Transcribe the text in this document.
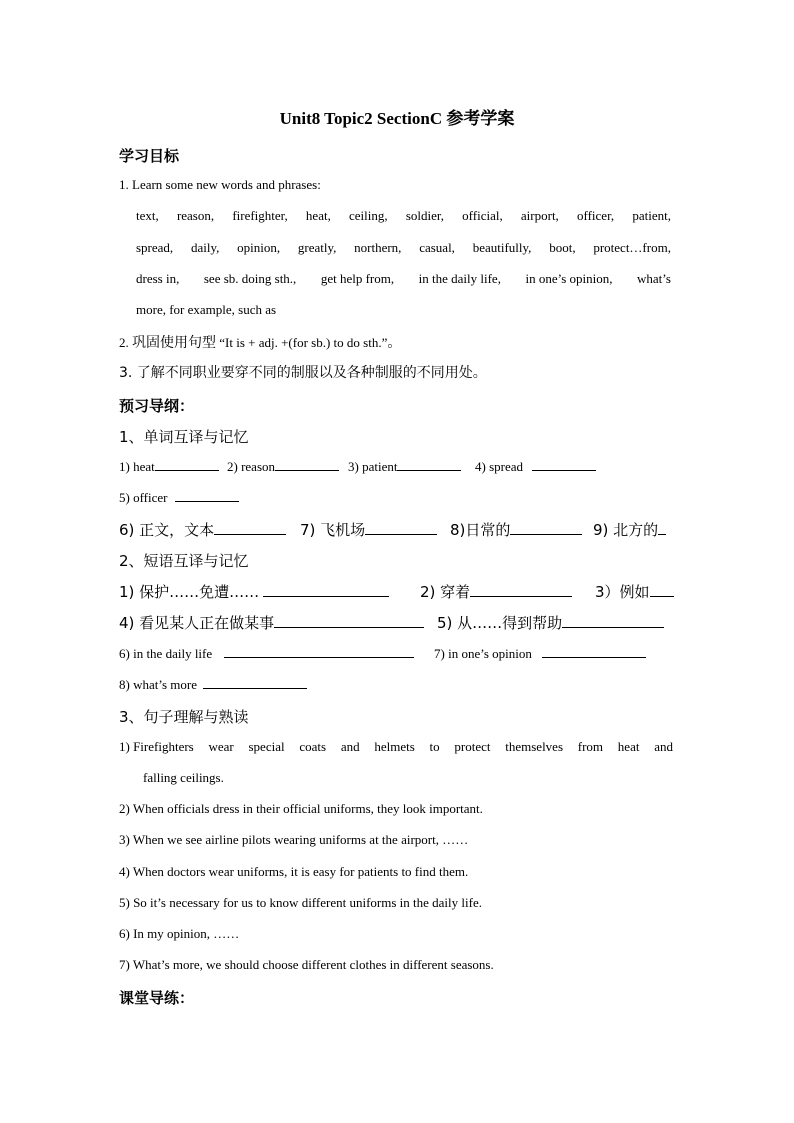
Unit8 Topic2 SectionC 参考学案
学习目标
1. Learn some new words and phrases:
text, reason, firefighter, heat, ceiling, soldier, official, airport, officer, patient,
spread, daily, opinion, greatly, northern, casual, beautifully, boot, protect…from,
dress in, see sb. doing sth., get help from, in the daily life, in one’s opinion, what’s
more, for example, such as
2. 巩固使用句型 “It is + adj. +(for sb.) to do sth.”。
3. 了解不同职业要穿不同的制服以及各种制服的不同用处。
预习导纲：
1、单词互译与记忆
1) heat	2) reason	3) patient	4) spread
5) officer
6) 正文，文本	7) 飞机场	8)日常的	9) 北方的
2、短语互译与记忆
1) 保护……免遭……	2) 穿着	3）例如
4) 看见某人正在做某事	5) 从……得到帮助
6) in the daily life	7) in one’s opinion
8) what’s more
3、句子理解与熟读
1) Firefighters wear special coats and helmets to protect themselves from heat and
falling ceilings.
2) When officials dress in their official uniforms, they look important.
3) When we see airline pilots wearing uniforms at the airport, ……
4) When doctors wear uniforms, it is easy for patients to find them.
5) So it’s necessary for us to know different uniforms in the daily life.
6) In my opinion, ……
7) What’s more, we should choose different clothes in different seasons.
课堂导练：
